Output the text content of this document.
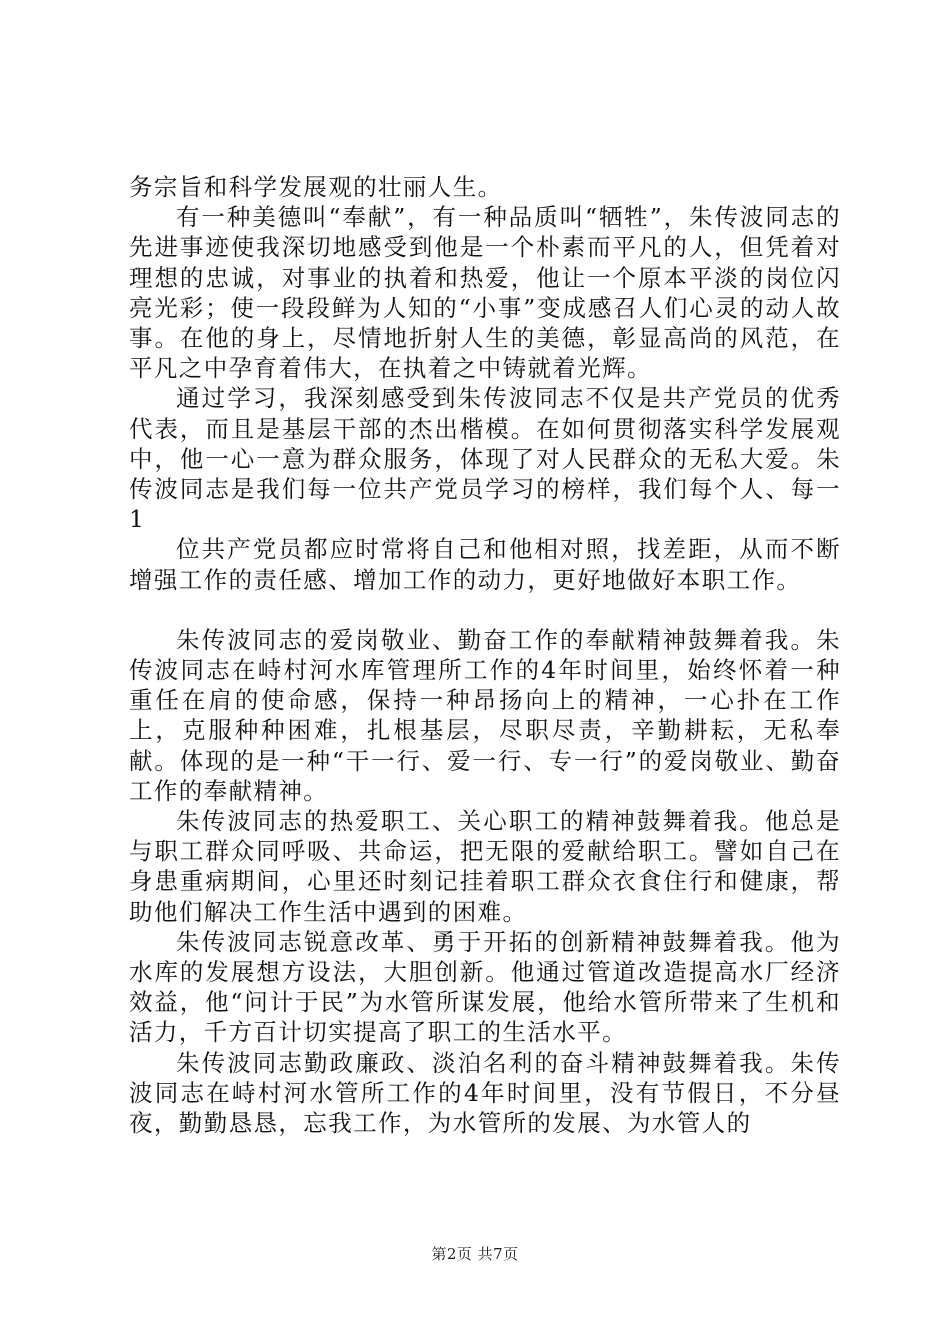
务宗旨和科学发展观的壮丽人生。

有一种美德叫“奉献”，有一种品质叫“牺牲”，朱传波同志的先进事迹使我深切地感受到他是一个朴素而平凡的人，但凭着对理想的忠诚，对事业的执着和热爱，他让一个原本平淡的岗位闪亮光彩；使一段段鲜为人知的“小事”变成感召人们心灵的动人故事。在他的身上，尽情地折射人生的美德，彰显高尚的风范，在平凡之中孕育着伟大，在执着之中铸就着光辉。

通过学习，我深刻感受到朱传波同志不仅是共产党员的优秀代表，而且是基层干部的杰出楷模。在如何贯彻落实科学发展观中，他一心一意为群众服务，体现了对人民群众的无私大爱。朱传波同志是我们每一位共产党员学习的榜样，我们每个人、每一1

位共产党员都应时常将自己和他相对照，找差距，从而不断增强工作的责任感、增加工作的动力，更好地做好本职工作。

朱传波同志的爱岗敬业、勤奋工作的奉献精神鼓舞着我。朱传波同志在峙村河水库管理所工作的4年时间里，始终怀着一种重任在肩的使命感，保持一种昂扬向上的精神，一心扑在工作上，克服种种困难，扎根基层，尽职尽责，辛勤耕耘，无私奉献。体现的是一种“干一行、爱一行、专一行”的爱岗敬业、勤奋工作的奉献精神。

朱传波同志的热爱职工、关心职工的精神鼓舞着我。他总是与职工群众同呼吸、共命运，把无限的爱献给职工。譬如自己在身患重病期间，心里还时刻记挂着职工群众衣食住行和健康，帮助他们解决工作生活中遇到的困难。

朱传波同志锐意改革、勇于开拓的创新精神鼓舞着我。他为水库的发展想方设法，大胆创新。他通过管道改造提高水厂经济效益，他“问计于民”为水管所谋发展，他给水管所带来了生机和活力，千方百计切实提高了职工的生活水平。

朱传波同志勤政廉政、淡泊名利的奋斗精神鼓舞着我。朱传波同志在峙村河水管所工作的4年时间里，没有节假日，不分昼夜，勤勤恳恳，忘我工作，为水管所的发展、为水管人的

第2页 共7页
